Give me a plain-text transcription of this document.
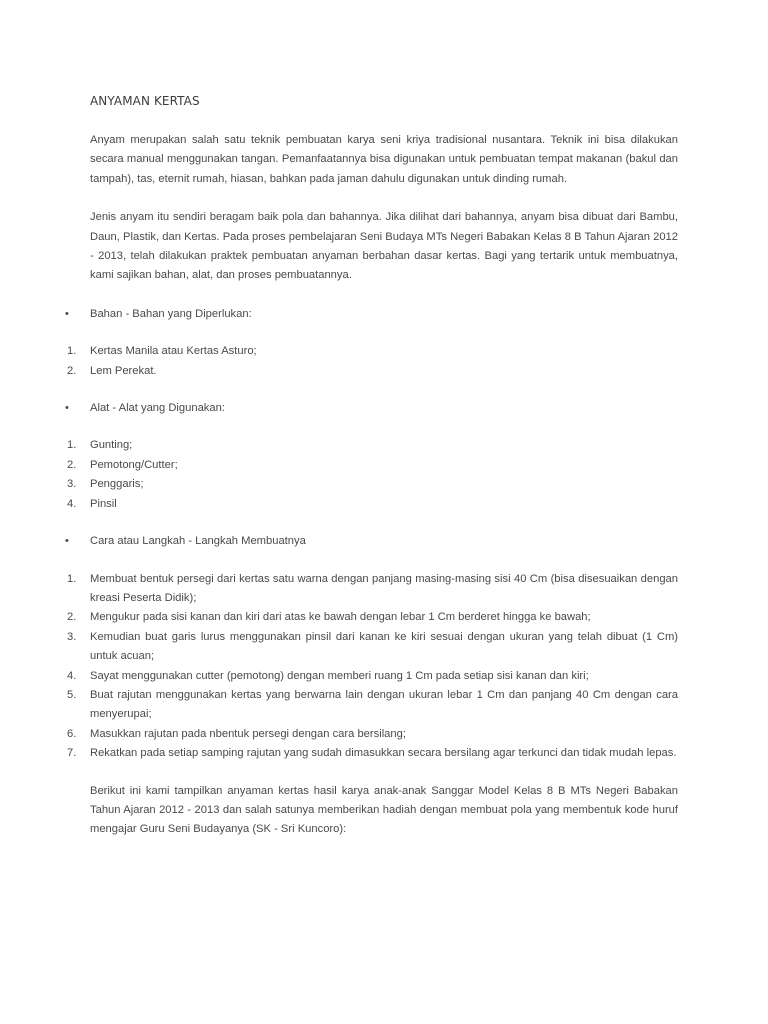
ANYAMAN KERTAS

Anyam merupakan salah satu teknik pembuatan karya seni kriya tradisional nusantara. Teknik ini bisa dilakukan secara manual menggunakan tangan. Pemanfaatannya bisa digunakan untuk pembuatan tempat makanan (bakul dan tampah), tas, eternit rumah, hiasan, bahkan pada jaman dahulu digunakan untuk dinding rumah.

Jenis anyam itu sendiri beragam baik pola dan bahannya. Jika dilihat dari bahannya, anyam bisa dibuat dari Bambu, Daun, Plastik, dan Kertas. Pada proses pembelajaran Seni Budaya MTs Negeri Babakan Kelas 8 B Tahun Ajaran 2012 - 2013, telah dilakukan praktek pembuatan anyaman berbahan dasar kertas. Bagi yang tertarik untuk membuatnya, kami sajikan bahan, alat, dan proses pembuatannya.

• Bahan - Bahan yang Diperlukan:
1. Kertas Manila atau Kertas Asturo;
2. Lem Perekat.
• Alat - Alat yang Digunakan:
1. Gunting;
2. Pemotong/Cutter;
3. Penggaris;
4. Pinsil
• Cara atau Langkah - Langkah Membuatnya
1. Membuat bentuk persegi dari kertas satu warna dengan panjang masing-masing sisi 40 Cm (bisa disesuaikan dengan kreasi Peserta Didik);
2. Mengukur pada sisi kanan dan kiri dari atas ke bawah dengan lebar 1 Cm berderet hingga ke bawah;
3. Kemudian buat garis lurus menggunakan pinsil dari kanan ke kiri sesuai dengan ukuran yang telah dibuat (1 Cm) untuk acuan;
4. Sayat menggunakan cutter (pemotong) dengan memberi ruang 1 Cm pada setiap sisi kanan dan kiri;
5. Buat rajutan menggunakan kertas yang berwarna lain dengan ukuran lebar 1 Cm dan panjang 40 Cm dengan cara menyerupai;
6. Masukkan rajutan pada nbentuk persegi dengan cara bersilang;
7. Rekatkan pada setiap samping rajutan yang sudah dimasukkan secara bersilang agar terkunci dan tidak mudah lepas.

Berikut ini kami tampilkan anyaman kertas hasil karya anak-anak Sanggar Model Kelas 8 B MTs Negeri Babakan Tahun Ajaran 2012 - 2013 dan salah satunya memberikan hadiah dengan membuat pola yang membentuk kode huruf mengajar Guru Seni Budayanya (SK - Sri Kuncoro):
